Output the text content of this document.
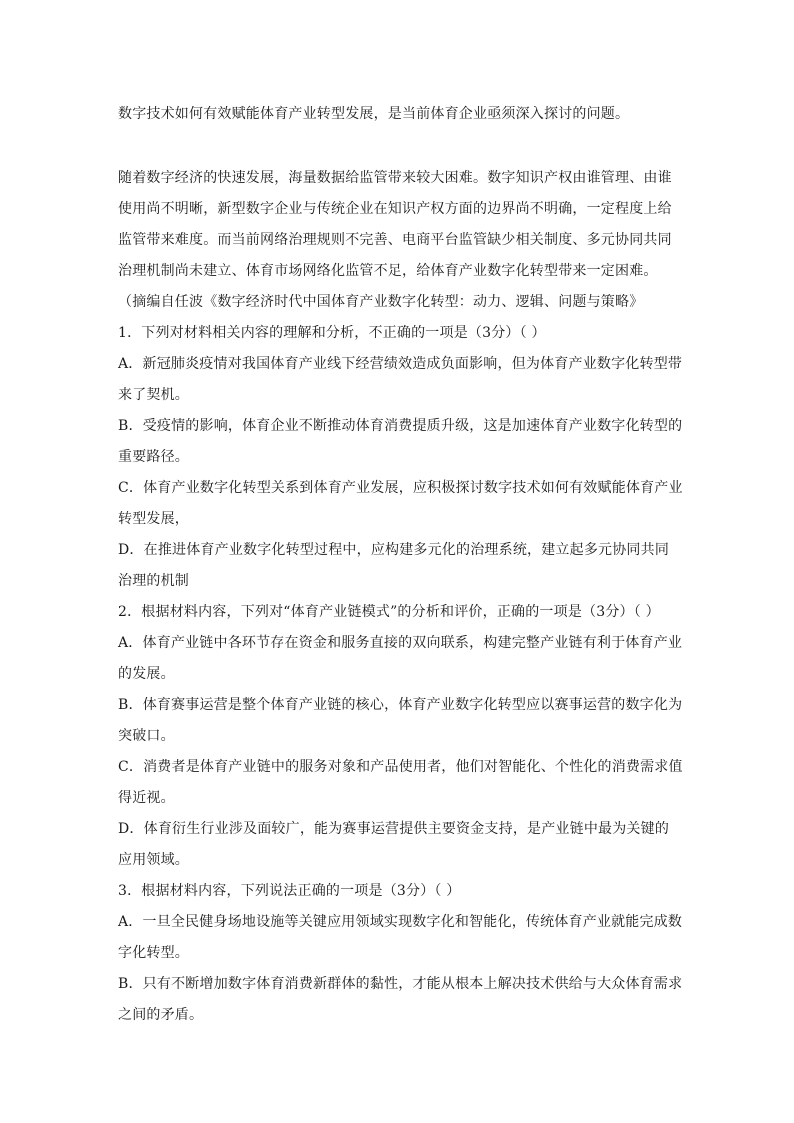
数字技术如何有效赋能体育产业转型发展，是当前体育企业亟须深入探讨的问题。

随着数字经济的快速发展，海量数据给监管带来较大困难。数字知识产权由谁管理、由谁使用尚不明晰，新型数字企业与传统企业在知识产权方面的边界尚不明确，一定程度上给监管带来难度。而当前网络治理规则不完善、电商平台监管缺少相关制度、多元协同共同治理机制尚未建立、体育市场网络化监管不足，给体育产业数字化转型带来一定困难。

（摘编自任波《数字经济时代中国体育产业数字化转型：动力、逻辑、问题与策略》

1．下列对材料相关内容的理解和分析，不正确的一项是（3分）（ ）

A．新冠肺炎疫情对我国体育产业线下经营绩效造成负面影响，但为体育产业数字化转型带来了契机。

B．受疫情的影响，体育企业不断推动体育消费提质升级，这是加速体育产业数字化转型的重要路径。

C．体育产业数字化转型关系到体育产业发展，应积极探讨数字技术如何有效赋能体育产业转型发展，

D．在推进体育产业数字化转型过程中，应构建多元化的治理系统，建立起多元协同共同治理的机制

2．根据材料内容，下列对“体育产业链模式”的分析和评价，正确的一项是（3分）（ ）

A．体育产业链中各环节存在资金和服务直接的双向联系，构建完整产业链有利于体育产业的发展。

B．体育赛事运营是整个体育产业链的核心，体育产业数字化转型应以赛事运营的数字化为突破口。

C．消费者是体育产业链中的服务对象和产品使用者，他们对智能化、个性化的消费需求值得近视。

D．体育衍生行业涉及面较广，能为赛事运营提供主要资金支持，是产业链中最为关键的应用领域。

3．根据材料内容，下列说法正确的一项是（3分）（ ）

A．一旦全民健身场地设施等关键应用领域实现数字化和智能化，传统体育产业就能完成数字化转型。

B．只有不断增加数字体育消费新群体的黏性，才能从根本上解决技术供给与大众体育需求之间的矛盾。
